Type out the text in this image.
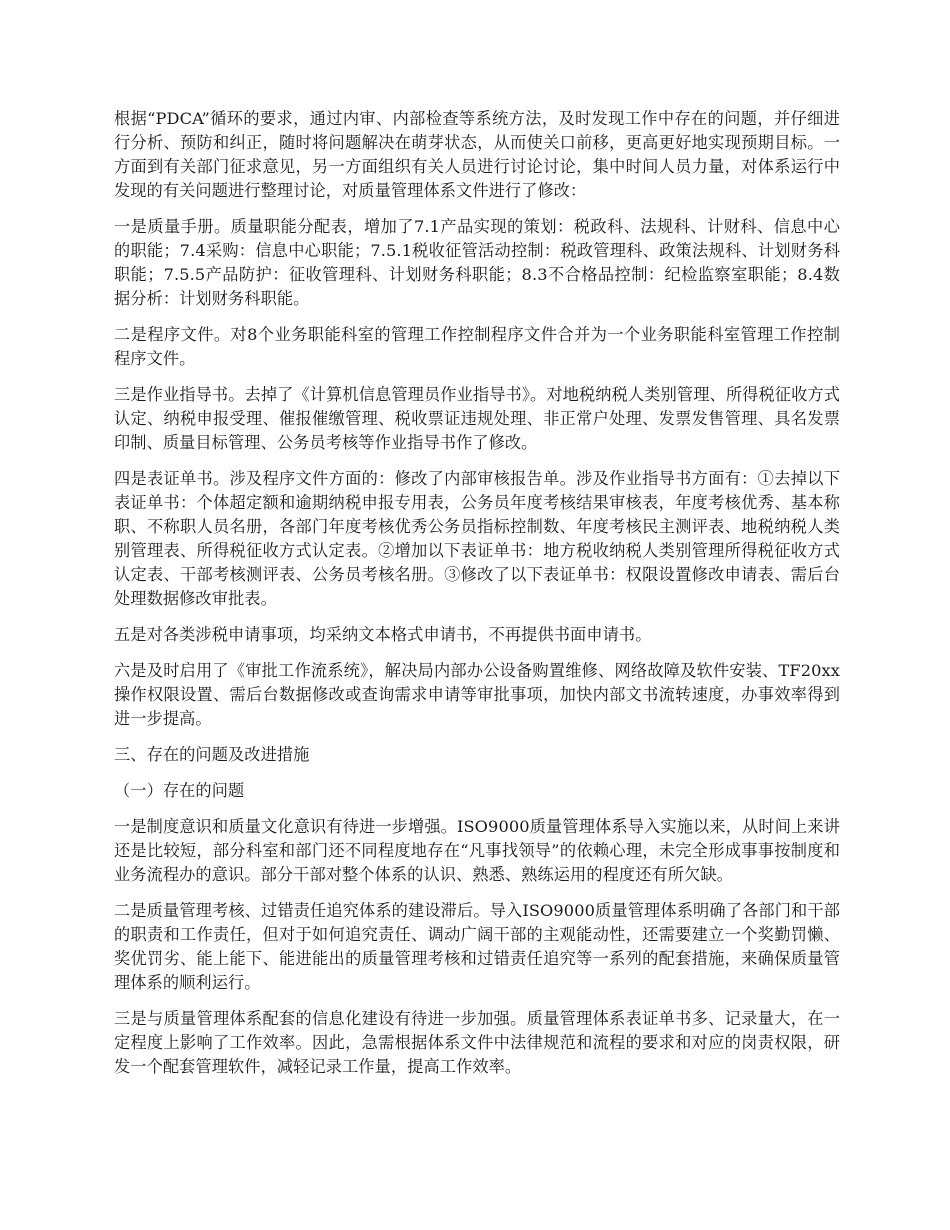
根据“PDCA”循环的要求，通过内审、内部检查等系统方法，及时发现工作中存在的问题，并仔细进行分析、预防和纠正，随时将问题解决在萌芽状态，从而使关口前移，更高更好地实现预期目标。一方面到有关部门征求意见，另一方面组织有关人员进行讨论讨论，集中时间人员力量，对体系运行中发现的有关问题进行整理讨论，对质量管理体系文件进行了修改：

一是质量手册。质量职能分配表，增加了7.1产品实现的策划：税政科、法规科、计财科、信息中心的职能；7.4采购：信息中心职能；7.5.1税收征管活动控制：税政管理科、政策法规科、计划财务科职能；7.5.5产品防护：征收管理科、计划财务科职能；8.3不合格品控制：纪检监察室职能；8.4数据分析：计划财务科职能。

二是程序文件。对8个业务职能科室的管理工作控制程序文件合并为一个业务职能科室管理工作控制程序文件。

三是作业指导书。去掉了《计算机信息管理员作业指导书》。对地税纳税人类别管理、所得税征收方式认定、纳税申报受理、催报催缴管理、税收票证违规处理、非正常户处理、发票发售管理、具名发票印制、质量目标管理、公务员考核等作业指导书作了修改。

四是表证单书。涉及程序文件方面的：修改了内部审核报告单。涉及作业指导书方面有：①去掉以下表证单书：个体超定额和逾期纳税申报专用表，公务员年度考核结果审核表，年度考核优秀、基本称职、不称职人员名册，各部门年度考核优秀公务员指标控制数、年度考核民主测评表、地税纳税人类别管理表、所得税征收方式认定表。②增加以下表证单书：地方税收纳税人类别管理所得税征收方式认定表、干部考核测评表、公务员考核名册。③修改了以下表证单书：权限设置修改申请表、需后台处理数据修改审批表。

五是对各类涉税申请事项，均采纳文本格式申请书，不再提供书面申请书。

六是及时启用了《审批工作流系统》，解决局内部办公设备购置维修、网络故障及软件安装、TF20xx操作权限设置、需后台数据修改或查询需求申请等审批事项，加快内部文书流转速度，办事效率得到进一步提高。

三、存在的问题及改进措施

（一）存在的问题

一是制度意识和质量文化意识有待进一步增强。ISO9000质量管理体系导入实施以来，从时间上来讲还是比较短，部分科室和部门还不同程度地存在“凡事找领导”的依赖心理，未完全形成事事按制度和业务流程办的意识。部分干部对整个体系的认识、熟悉、熟练运用的程度还有所欠缺。

二是质量管理考核、过错责任追究体系的建设滞后。导入ISO9000质量管理体系明确了各部门和干部的职责和工作责任，但对于如何追究责任、调动广阔干部的主观能动性，还需要建立一个奖勤罚懒、奖优罚劣、能上能下、能进能出的质量管理考核和过错责任追究等一系列的配套措施，来确保质量管理体系的顺利运行。

三是与质量管理体系配套的信息化建设有待进一步加强。质量管理体系表证单书多、记录量大，在一定程度上影响了工作效率。因此，急需根据体系文件中法律规范和流程的要求和对应的岗责权限，研发一个配套管理软件，减轻记录工作量，提高工作效率。
